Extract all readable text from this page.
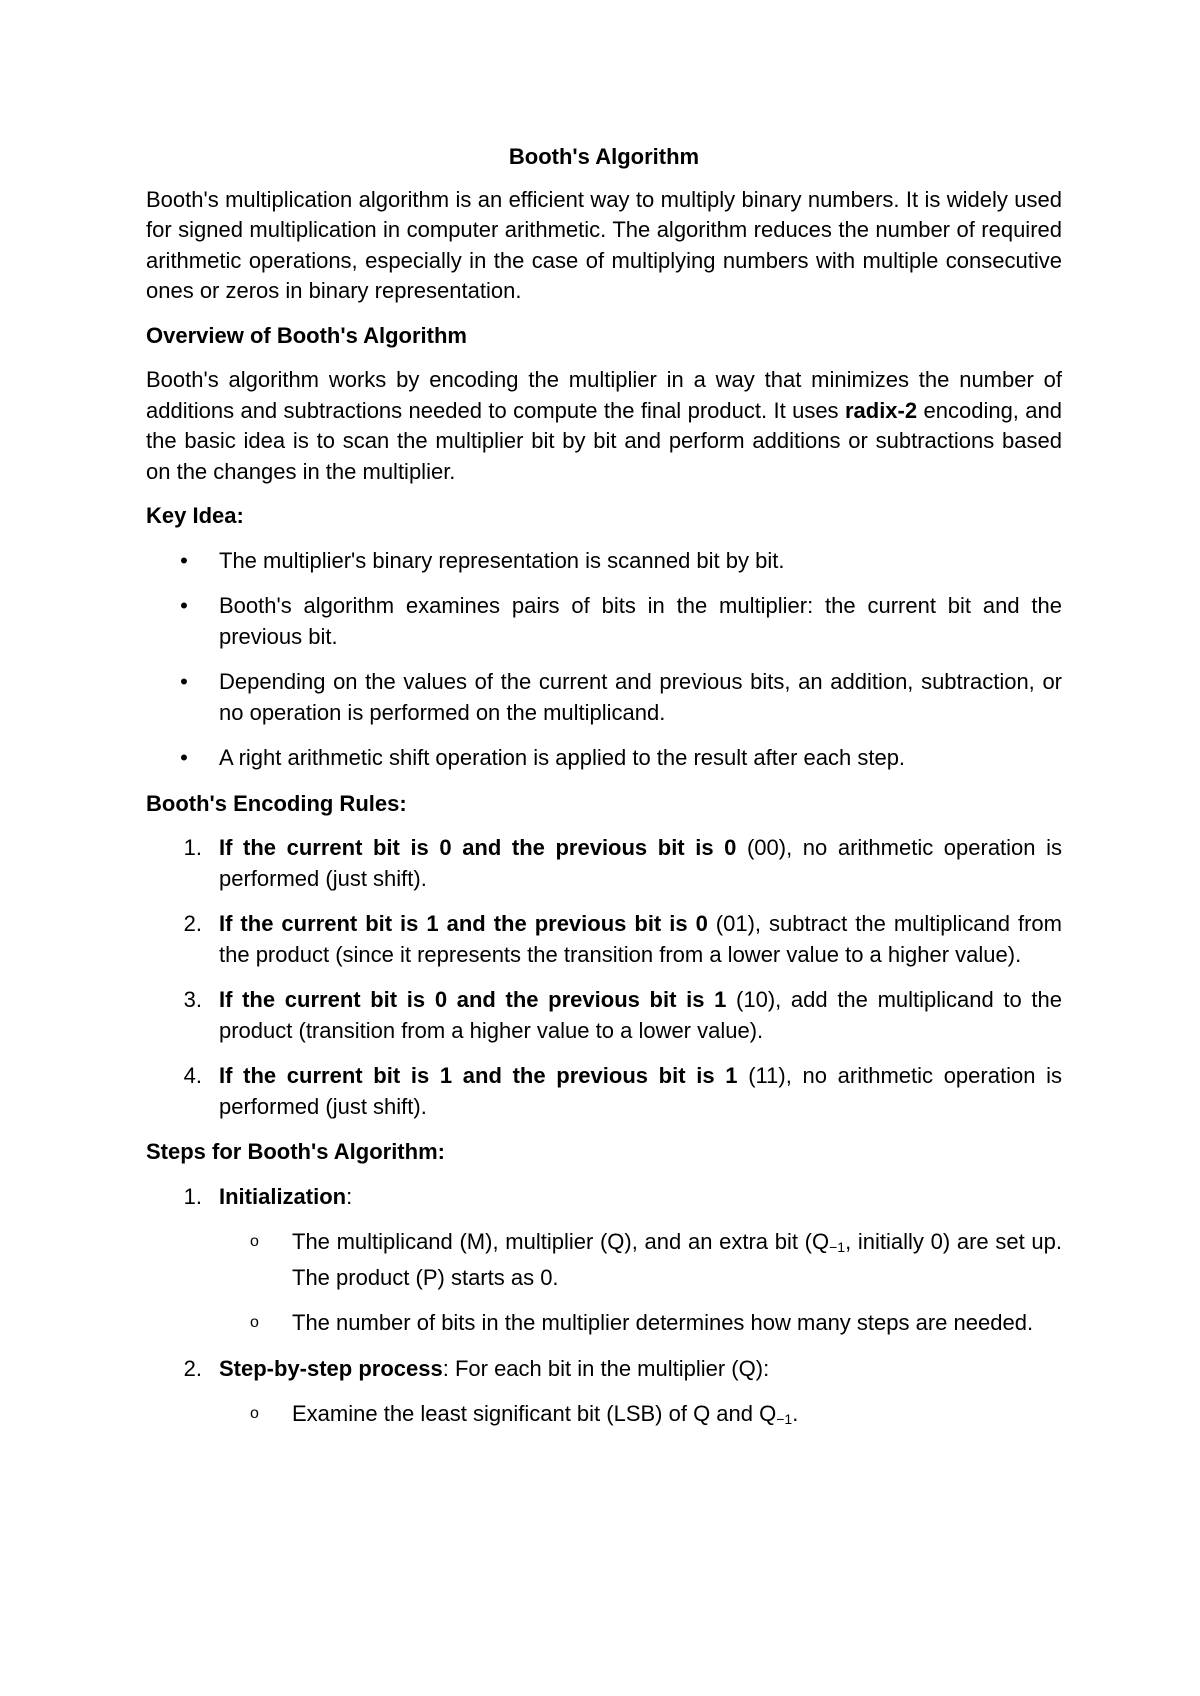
Booth's Algorithm

Booth's multiplication algorithm is an efficient way to multiply binary numbers. It is widely used for signed multiplication in computer arithmetic. The algorithm reduces the number of required arithmetic operations, especially in the case of multiplying numbers with multiple consecutive ones or zeros in binary representation.

Overview of Booth's Algorithm

Booth's algorithm works by encoding the multiplier in a way that minimizes the number of additions and subtractions needed to compute the final product. It uses radix-2 encoding, and the basic idea is to scan the multiplier bit by bit and perform additions or subtractions based on the changes in the multiplier.

Key Idea:

• The multiplier's binary representation is scanned bit by bit.
• Booth's algorithm examines pairs of bits in the multiplier: the current bit and the previous bit.
• Depending on the values of the current and previous bits, an addition, subtraction, or no operation is performed on the multiplicand.
• A right arithmetic shift operation is applied to the result after each step.

Booth's Encoding Rules:

1. If the current bit is 0 and the previous bit is 0 (00), no arithmetic operation is performed (just shift).
2. If the current bit is 1 and the previous bit is 0 (01), subtract the multiplicand from the product (since it represents the transition from a lower value to a higher value).
3. If the current bit is 0 and the previous bit is 1 (10), add the multiplicand to the product (transition from a higher value to a lower value).
4. If the current bit is 1 and the previous bit is 1 (11), no arithmetic operation is performed (just shift).

Steps for Booth's Algorithm:

1. Initialization:
o The multiplicand (M), multiplier (Q), and an extra bit (Q−1, initially 0) are set up. The product (P) starts as 0.
o The number of bits in the multiplier determines how many steps are needed.
2. Step-by-step process: For each bit in the multiplier (Q):
o Examine the least significant bit (LSB) of Q and Q−1.
